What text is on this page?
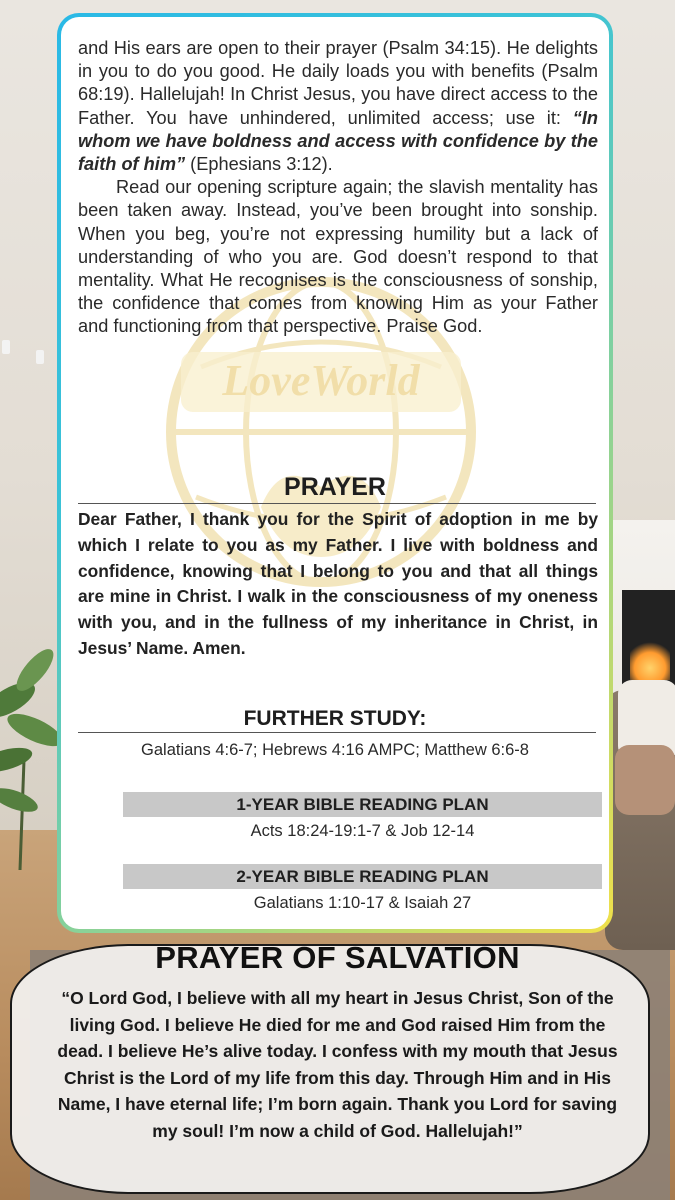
LoveWorld

and His ears are open to their prayer (Psalm 34:15). He delights in you to do you good. He daily loads you with benefits (Psalm 68:19). Hallelujah! In Christ Jesus, you have direct access to the Father. You have unhindered, unlimited access; use it: “In whom we have boldness and access with confidence by the faith of him” (Ephesians 3:12).

Read our opening scripture again; the slavish mentality has been taken away. Instead, you’ve been brought into sonship. When you beg, you’re not expressing humility but a lack of understanding of who you are. God doesn’t respond to that mentality. What He recognises is the consciousness of sonship, the confidence that comes from knowing Him as your Father and functioning from that perspective. Praise God.

PRAYER

Dear Father, I thank you for the Spirit of adoption in me by which I relate to you as my Father. I live with boldness and confidence, knowing that I belong to you and that all things are mine in Christ. I walk in the consciousness of my oneness with you, and in the fullness of my inheritance in Christ, in Jesus’ Name. Amen.

FURTHER STUDY:
Galatians 4:6-7; Hebrews 4:16 AMPC; Matthew 6:6-8
1-YEAR BIBLE READING PLAN
Acts 18:24-19:1-7 & Job 12-14
2-YEAR BIBLE READING PLAN
Galatians 1:10-17 & Isaiah 27
PRAYER OF SALVATION

“O Lord God, I believe with all my heart in Jesus Christ, Son of the living God. I believe He died for me and God raised Him from the dead. I believe He’s alive today. I confess with my mouth that Jesus Christ is the Lord of my life from this day. Through Him and in His Name, I have eternal life; I’m born again. Thank you Lord for saving my soul! I’m now a child of God. Hallelujah!”
